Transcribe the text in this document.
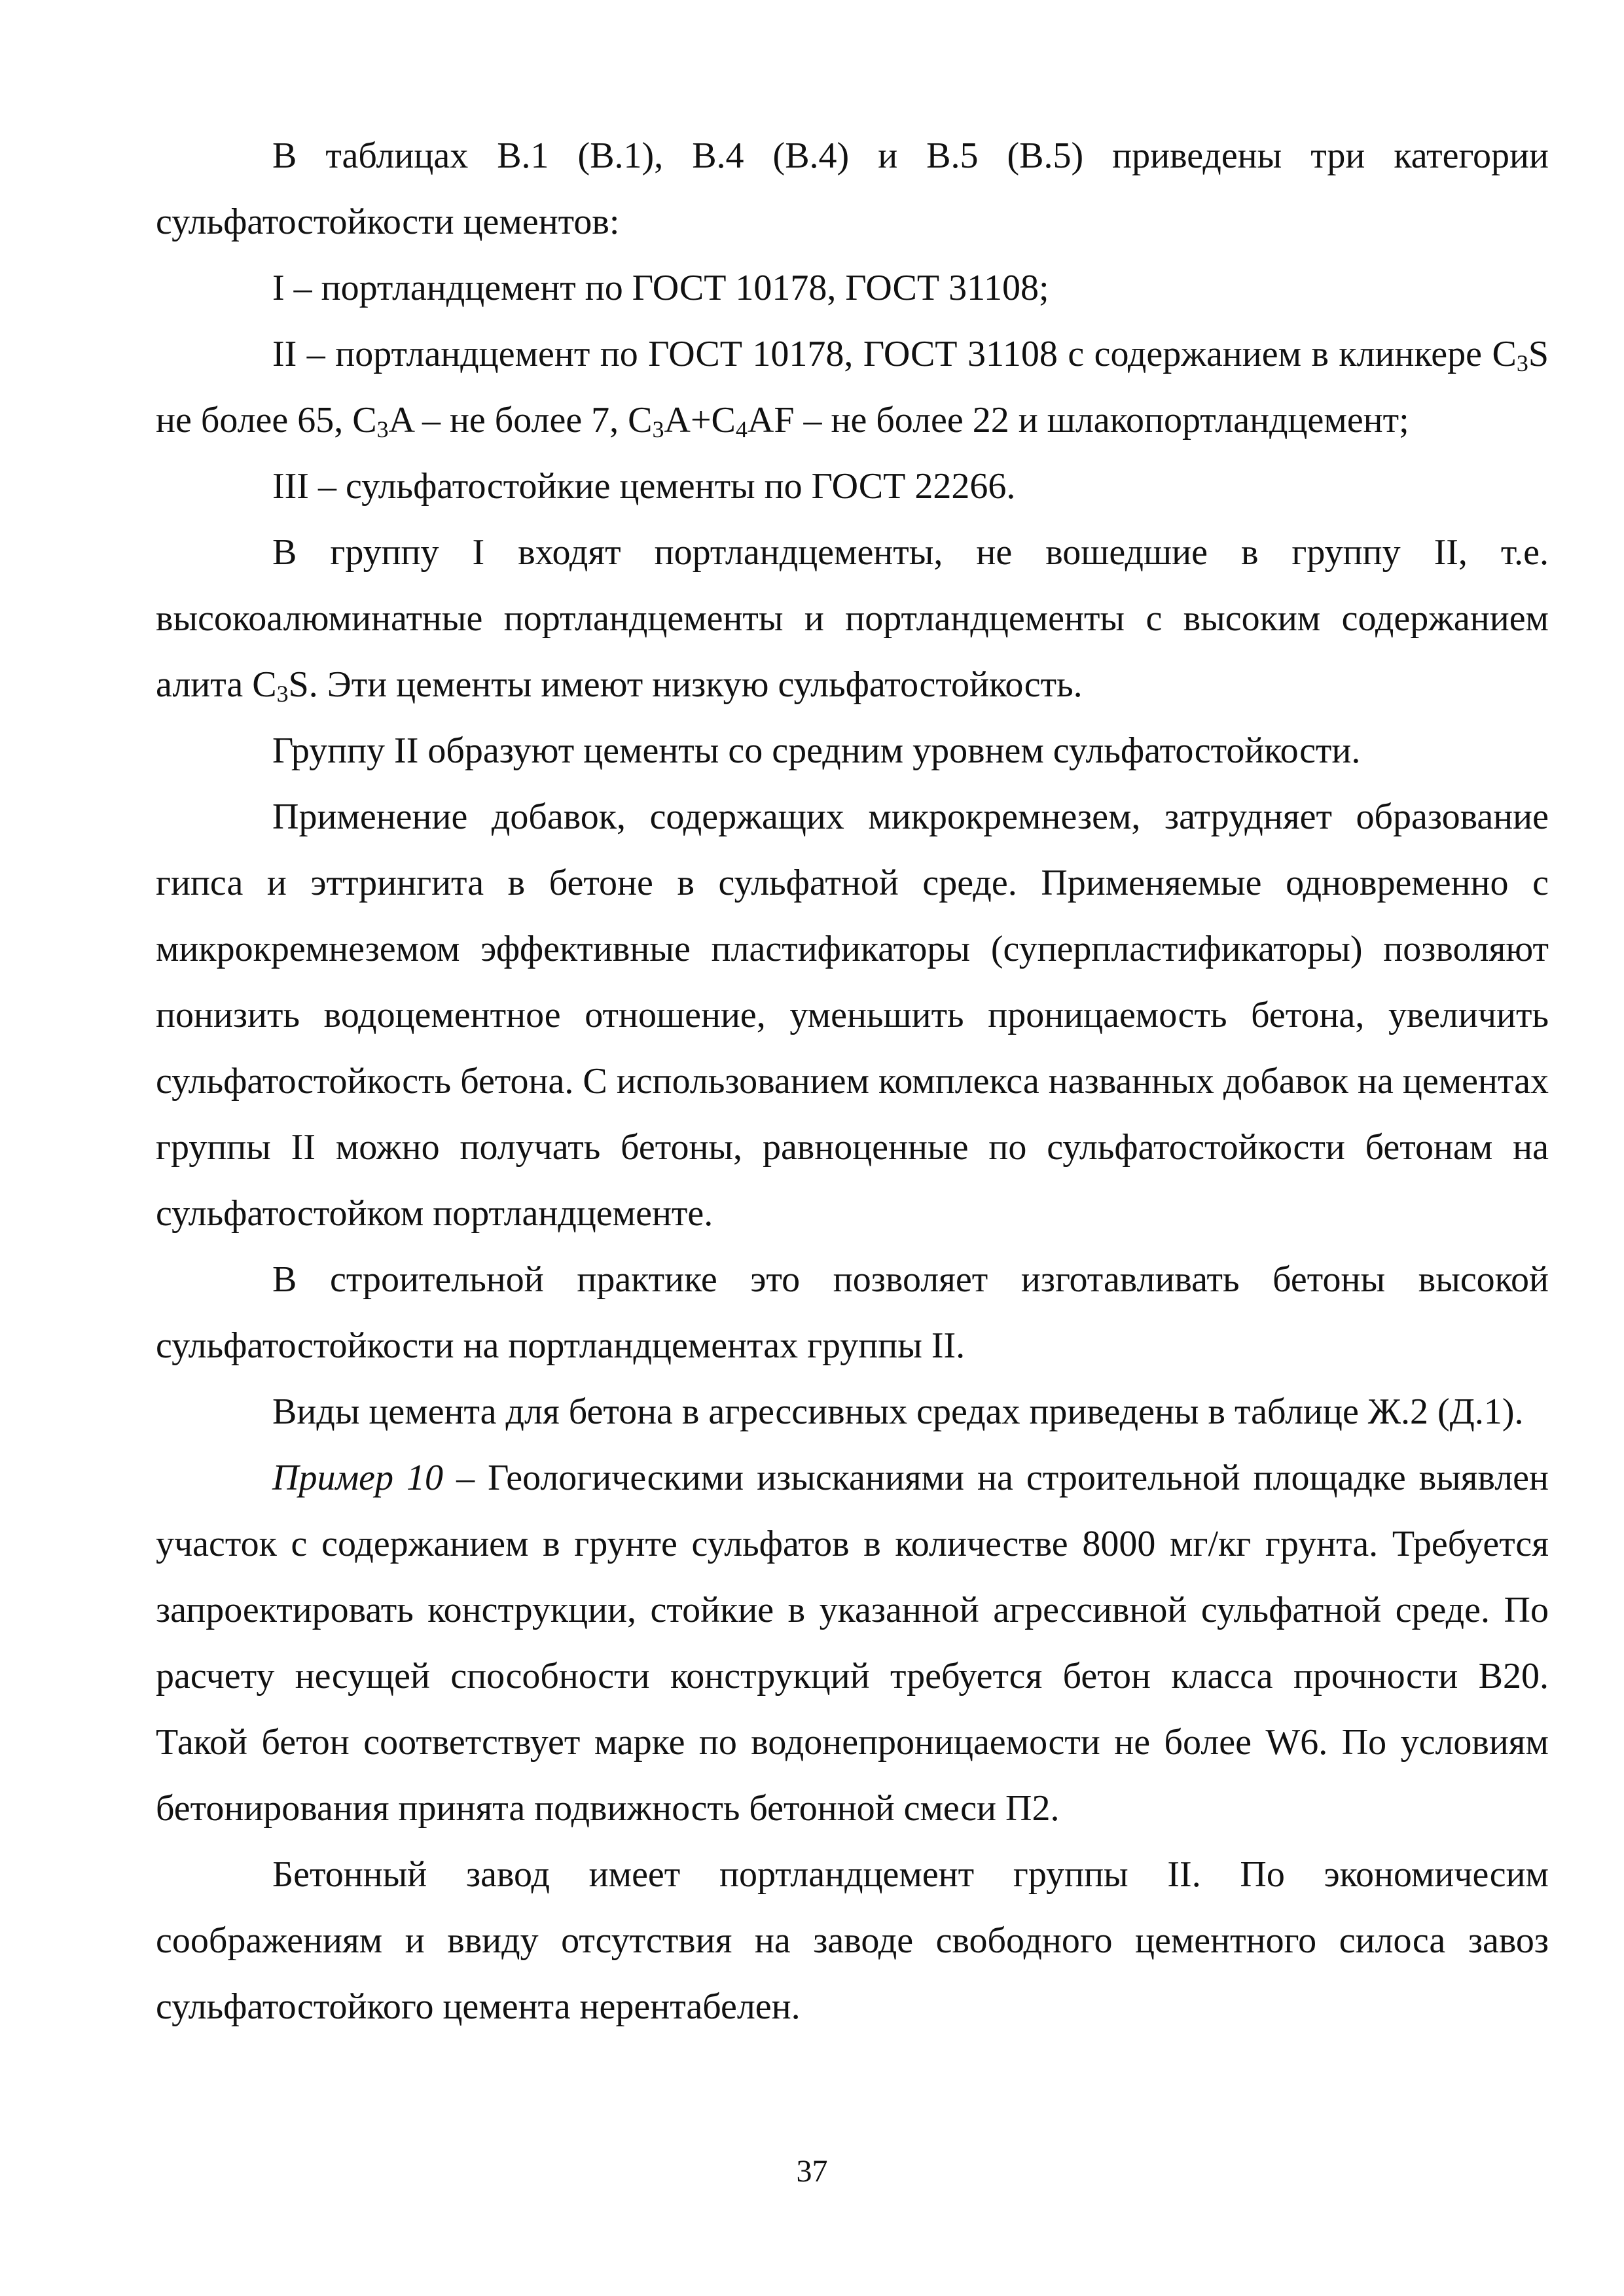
В таблицах В.1 (В.1), В.4 (В.4) и В.5 (В.5) приведены три категории сульфатостойкости цементов:

I – портландцемент по ГОСТ 10178, ГОСТ 31108;

II – портландцемент по ГОСТ 10178, ГОСТ 31108 с содержанием в клинкере $C_3S$ не более 65, $C_3A$ – не более 7, $C_3A+C_4AF$ – не более 22 и шлакопортландцемент;

III – сульфатостойкие цементы по ГОСТ 22266.

В группу I входят портландцементы, не вошедшие в группу II, т.е. высокоалюминатные портландцементы и портландцементы с высоким содержанием алита $C_3S$. Эти цементы имеют низкую сульфатостойкость.

Группу II образуют цементы со средним уровнем сульфатостойкости.

Применение добавок, содержащих микрокремнезем, затрудняет образование гипса и эттрингита в бетоне в сульфатной среде. Применяемые одновременно с микрокремнеземом эффективные пластификаторы (суперпластификаторы) позволяют понизить водоцементное отношение, уменьшить проницаемость бетона, увеличить сульфатостойкость бетона. С использованием комплекса названных добавок на цементах группы II можно получать бетоны, равноценные по сульфатостойкости бетонам на сульфатостойком портландцементе.

В строительной практике это позволяет изготавливать бетоны высокой сульфатостойкости на портландцементах группы II.

Виды цемента для бетона в агрессивных средах приведены в таблице Ж.2 (Д.1).

Пример 10 – Геологическими изысканиями на строительной площадке выявлен участок с содержанием в грунте сульфатов в количестве 8000 мг/кг грунта. Требуется запроектировать конструкции, стойкие в указанной агрессивной сульфатной среде. По расчету несущей способности конструкций требуется бетон класса прочности В20. Такой бетон соответствует марке по водонепроницаемости не более W6. По условиям бетонирования принята подвижность бетонной смеси П2.

Бетонный завод имеет портландцемент группы II. По экономичесим соображениям и ввиду отсутствия на заводе свободного цементного силоса завоз сульфатостойкого цемента нерентабелен.

37
